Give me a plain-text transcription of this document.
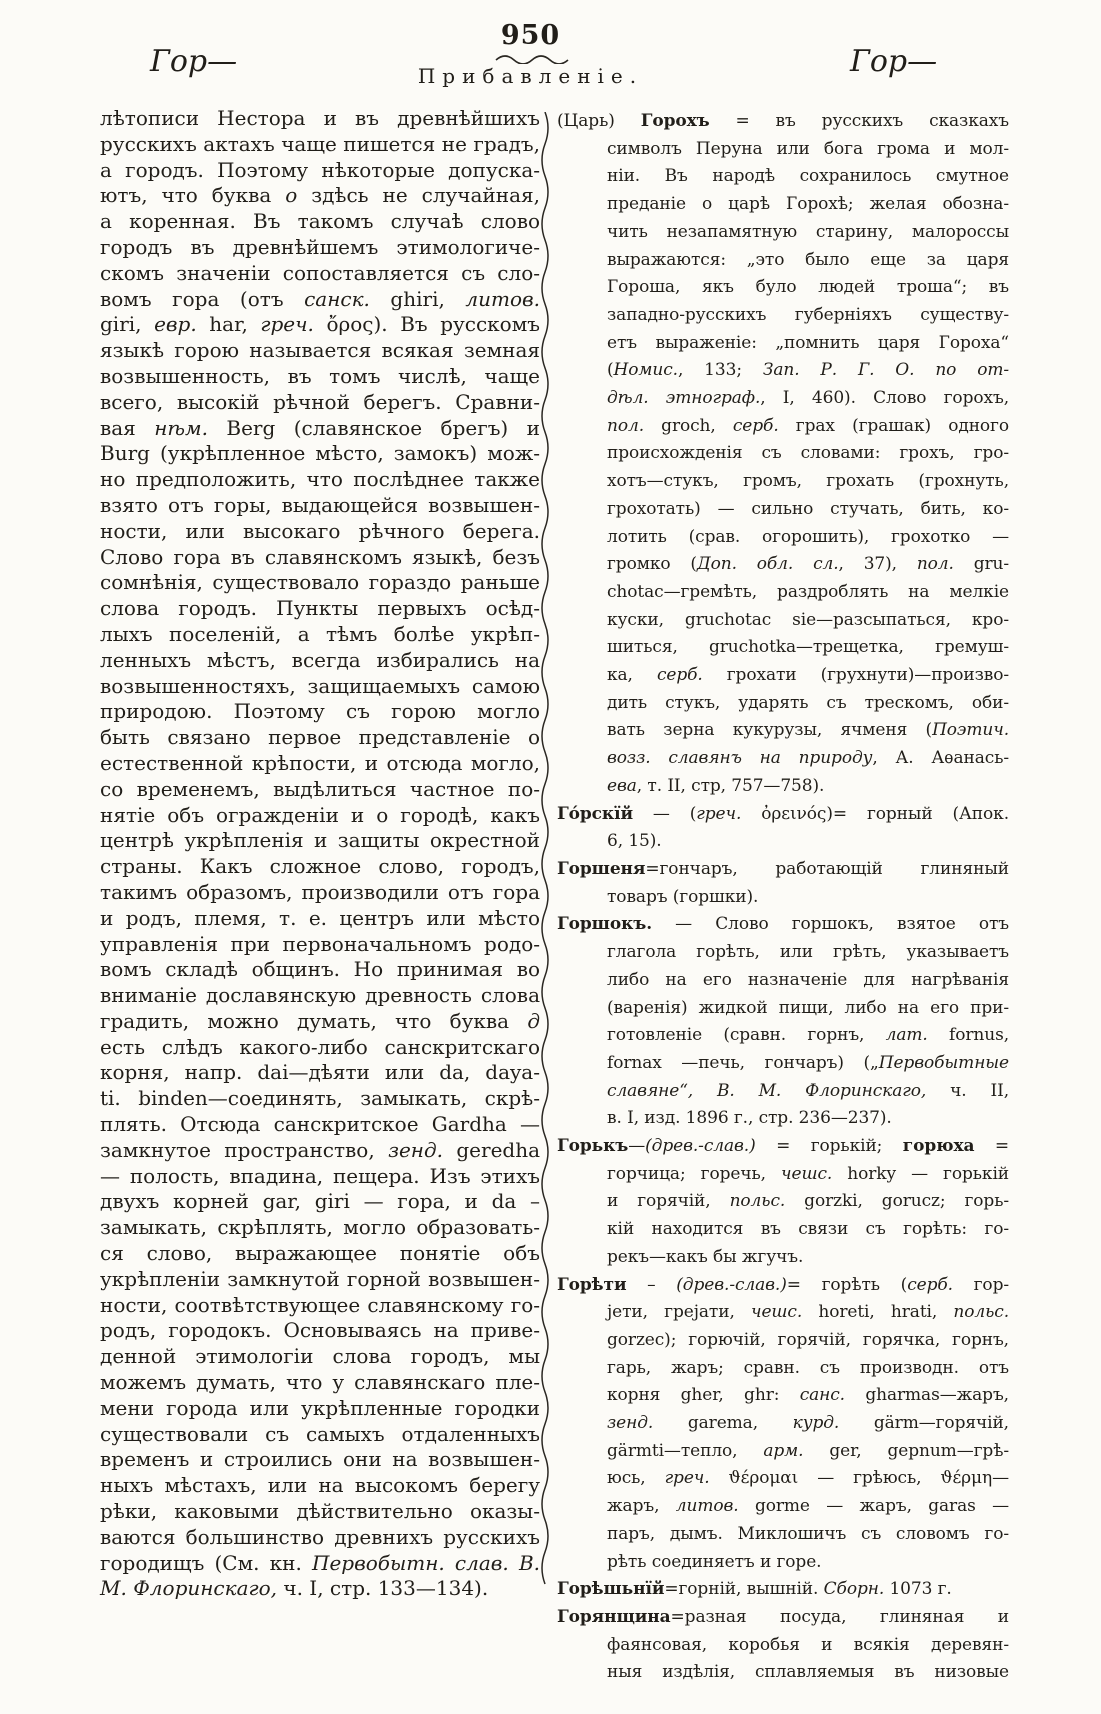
950
Гор—	Прибавленіе.	Гор—
лѣтописи Нестора и въ древнѣйшихъ
русскихъ актахъ чаще пишется не градъ,
а городъ. Поэтому нѣкоторые допуска-
ютъ, что буква о здѣсь не случайная,
а коренная. Въ такомъ случаѣ слово
городъ въ древнѣйшемъ этимологиче-
скомъ значеніи сопоставляется съ сло-
вомъ гора (отъ санск. ghiri, литов.
giri, евр. har, греч. ὄρος). Въ русскомъ
языкѣ горою называется всякая земная
возвышенность, въ томъ числѣ, чаще
всего, высокій рѣчной берегъ. Сравни-
вая нѣм. Berg (славянское брегъ) и
Burg (укрѣпленное мѣсто, замокъ) мож-
но предположить, что послѣднее также
взято отъ горы, выдающейся возвышен-
ности, или высокаго рѣчного берега.
Слово гора въ славянскомъ языкѣ, безъ
сомнѣнія, существовало гораздо раньше
слова городъ. Пункты первыхъ осѣд-
лыхъ поселеній, а тѣмъ болѣе укрѣп-
ленныхъ мѣстъ, всегда избирались на
возвышенностяхъ, защищаемыхъ самою
природою. Поэтому съ горою могло
быть связано первое представленіе о
естественной крѣпости, и отсюда могло,
со временемъ, выдѣлиться частное по-
нятіе объ огражденіи и о городѣ, какъ
центрѣ укрѣпленія и защиты окрестной
страны. Какъ сложное слово, городъ,
такимъ образомъ, производили отъ гора
и родъ, племя, т. е. центръ или мѣсто
управленія при первоначальномъ родо-
вомъ складѣ общинъ. Но принимая во
вниманіе дославянскую древность слова
градить, можно думать, что буква д
есть слѣдъ какого-либо санскритскаго
корня, напр. dai—дѣяти или da, daya-
ti. binden—соединять, замыкать, скрѣ-
плять. Отсюда санскритское Gardha —
замкнутое пространство, зенд. geredha
— полость, впадина, пещера. Изъ этихъ
двухъ корней gar, giri — гора, и da –
замыкать, скрѣплять, могло образовать-
ся слово, выражающее понятіе объ
укрѣпленіи замкнутой горной возвышен-
ности, соотвѣтствующее славянскому го-
родъ, городокъ. Основываясь на приве-
денной этимологіи слова городъ, мы
можемъ думать, что у славянскаго пле-
мени города или укрѣпленные городки
существовали съ самыхъ отдаленныхъ
временъ и строились они на возвышен-
ныхъ мѣстахъ, или на высокомъ берегу
рѣки, каковыми дѣйствительно оказы-
ваются большинство древнихъ русскихъ
городищъ (См. кн. Первобытн. слав. В.
М. Флоринскаго, ч. I, стр. 133—134).
(Царь) Горохъ = въ русскихъ сказкахъ
символъ Перуна или бога грома и мол-
ніи. Въ народѣ сохранилось смутное
преданіе о царѣ Горохѣ; желая обозна-
чить незапамятную старину, малороссы
выражаются: „это было еще за царя
Гороша, якъ було людей троша“; въ
западно-русскихъ губерніяхъ существу-
етъ выраженіе: „помнить царя Гороха“
(Номис., 133; Зап. Р. Г. О. по от-
дѣл. этнограф., I, 460). Слово горохъ,
пол. groch, серб. грах (грашак) одного
происхожденія съ словами: грохъ, гро-
хотъ—стукъ, громъ, грохать (грохнуть,
грохотать) — сильно стучать, бить, ко-
лотить (срав. огорошить), грохотко —
громко (Доп. обл. сл., 37), пол. gru-
chotac—гремѣть, раздроблять на мелкіе
куски, gruchotac sie—разсыпаться, кро-
шиться, gruchotka—трещетка, гремуш-
ка, серб. грохати (грухнути)—произво-
дить стукъ, ударять съ трескомъ, оби-
вать зерна кукурузы, ячменя (Поэтич.
возз. славянъ на природу, А. Аѳанась-
ева, т. II, стр, 757—758).
Го́рскїй — (греч. ὀρεινός)= горный (Апок.
6, 15).
Горшеня=гончаръ, работающій глиняный
товаръ (горшки).
Горшокъ. — Слово горшокъ, взятое отъ
глагола горѣть, или грѣть, указываетъ
либо на его назначеніе для нагрѣванія
(варенія) жидкой пищи, либо на его при-
готовленіе (сравн. горнъ, лат. fornus,
fornax —печь, гончаръ) („Первобытные
славяне“, В. М. Флоринскаго, ч. II,
в. I, изд. 1896 г., стр. 236—237).
Горькъ—(древ.-слав.) = горькій; горюха =
горчица; горечь, чешс. horky — горькій
и горячій, польс. gorzki, gorucz; горь-
кій находится въ связи съ горѣть: го-
рекъ—какъ бы жгучъ.
Горѣти – (древ.-слав.)= горѣть (серб. гор-
јети, грејати, чешс. horeti, hrati, польс.
gorzec); горючій, горячій, горячка, горнъ,
гарь, жаръ; сравн. съ производн. отъ
корня gher, ghr: санс. gharmas—жаръ,
зенд. garema, курд. gärm—горячій,
gärmti—тепло, арм. ger, gepnum—грѣ-
юсь, греч. ϑέρομαι — грѣюсь, ϑέρμη—
жаръ, литов. gorme — жаръ, garas —
паръ, дымъ. Миклошичъ съ словомъ го-
рѣть соединяетъ и горе.
Горѣшьнїй=горній, вышній. Сборн. 1073 г.
Горянщина=разная посуда, глиняная и
фаянсовая, коробья и всякія деревян-
ныя издѣлія, сплавляемыя въ низовые
